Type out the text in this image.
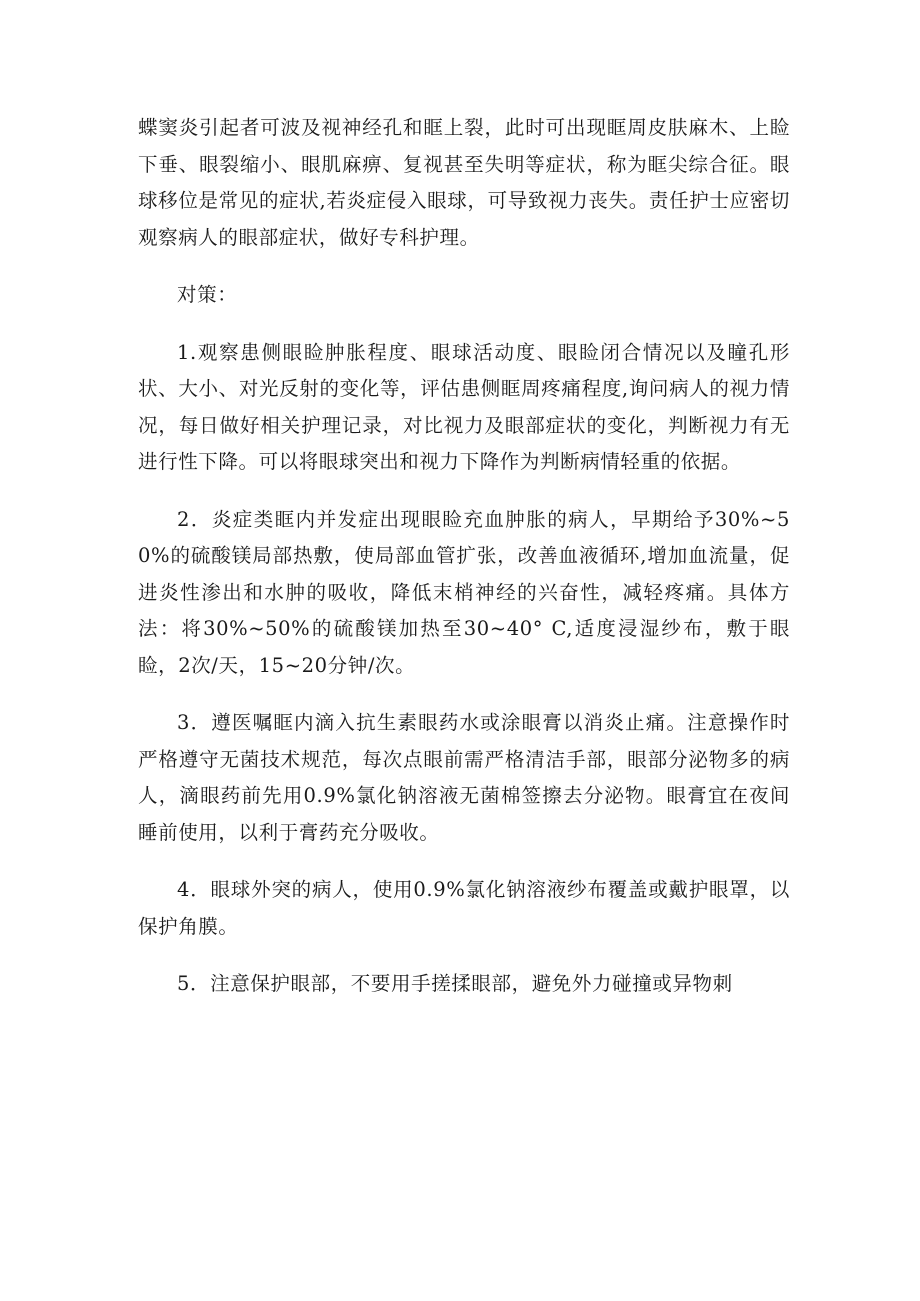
蝶窦炎引起者可波及视神经孔和眶上裂，此时可出现眶周皮肤麻木、上睑下垂、眼裂缩小、眼肌麻痹、复视甚至失明等症状，称为眶尖综合征。眼球移位是常见的症状,若炎症侵入眼球，可导致视力丧失。责任护士应密切观察病人的眼部症状，做好专科护理。

对策：

1.观察患侧眼睑肿胀程度、眼球活动度、眼睑闭合情况以及瞳孔形状、大小、对光反射的变化等，评估患侧眶周疼痛程度,询问病人的视力情况，每日做好相关护理记录，对比视力及眼部症状的变化，判断视力有无进行性下降。可以将眼球突出和视力下降作为判断病情轻重的依据。

2．炎症类眶内并发症出现眼睑充血肿胀的病人，早期给予30%~50%的硫酸镁局部热敷，使局部血管扩张，改善血液循环,增加血流量，促进炎性渗出和水肿的吸收，降低末梢神经的兴奋性，减轻疼痛。具体方法：将30%~50%的硫酸镁加热至30~40° C,适度浸湿纱布，敷于眼睑，2次/天，15~20分钟/次。

3．遵医嘱眶内滴入抗生素眼药水或涂眼膏以消炎止痛。注意操作时严格遵守无菌技术规范，每次点眼前需严格清洁手部，眼部分泌物多的病人，滴眼药前先用0.9%氯化钠溶液无菌棉签擦去分泌物。眼膏宜在夜间睡前使用，以利于膏药充分吸收。

4．眼球外突的病人，使用0.9%氯化钠溶液纱布覆盖或戴护眼罩，以保护角膜。

5．注意保护眼部，不要用手搓揉眼部，避免外力碰撞或异物刺
